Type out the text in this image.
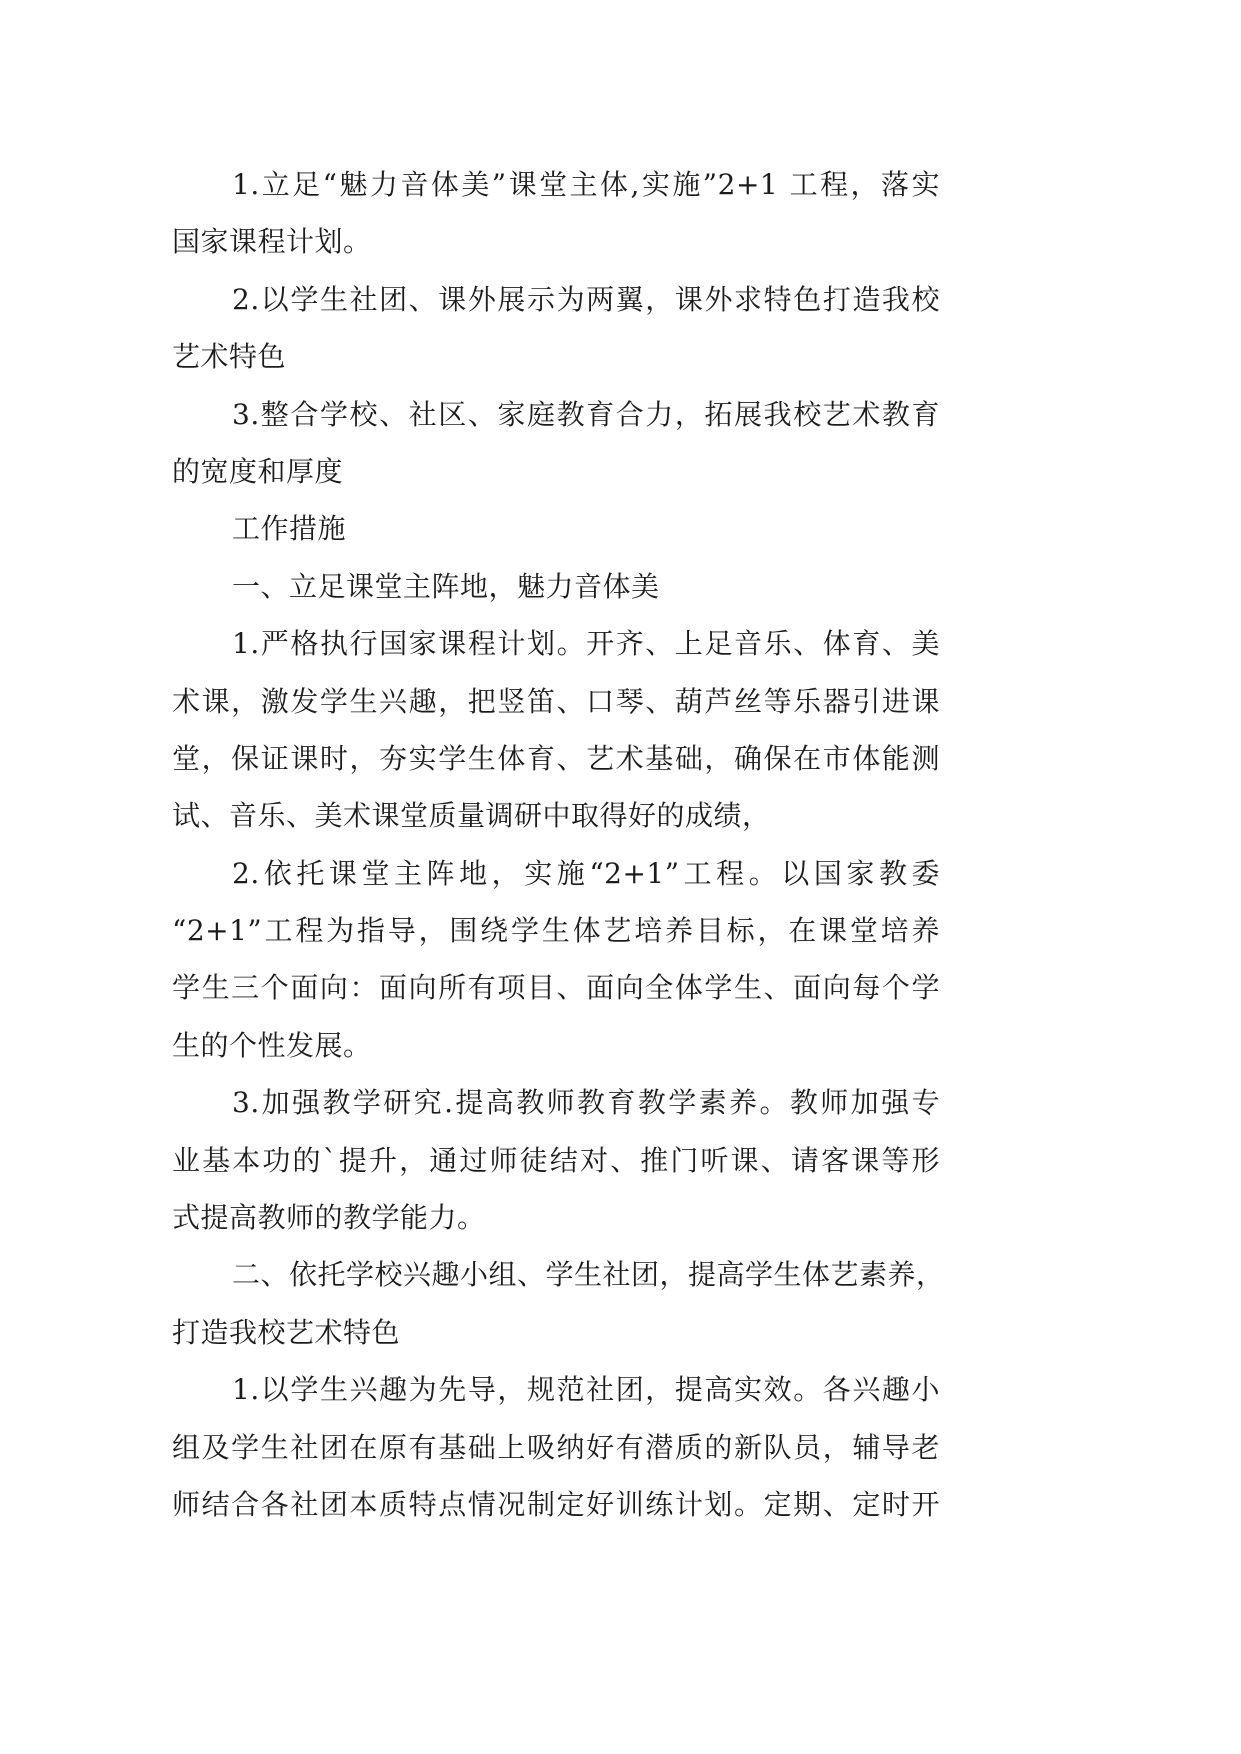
1.立足“魅力音体美”课堂主体,实施”2+1 工程，落实
国家课程计划。
2.以学生社团、课外展示为两翼，课外求特色打造我校
艺术特色
3.整合学校、社区、家庭教育合力，拓展我校艺术教育
的宽度和厚度
工作措施
一、立足课堂主阵地，魅力音体美
1.严格执行国家课程计划。开齐、上足音乐、体育、美
术课，激发学生兴趣，把竖笛、口琴、葫芦丝等乐器引进课
堂，保证课时，夯实学生体育、艺术基础，确保在市体能测
试、音乐、美术课堂质量调研中取得好的成绩，
2.依托课堂主阵地，实施“2+1”工程。以国家教委
“2+1”工程为指导，围绕学生体艺培养目标，在课堂培养
学生三个面向：面向所有项目、面向全体学生、面向每个学
生的个性发展。
3.加强教学研究.提高教师教育教学素养。教师加强专
业基本功的`提升，通过师徒结对、推门听课、请客课等形
式提高教师的教学能力。
二、依托学校兴趣小组、学生社团，提高学生体艺素养，
打造我校艺术特色
1.以学生兴趣为先导，规范社团，提高实效。各兴趣小
组及学生社团在原有基础上吸纳好有潜质的新队员，辅导老
师结合各社团本质特点情况制定好训练计划。定期、定时开
